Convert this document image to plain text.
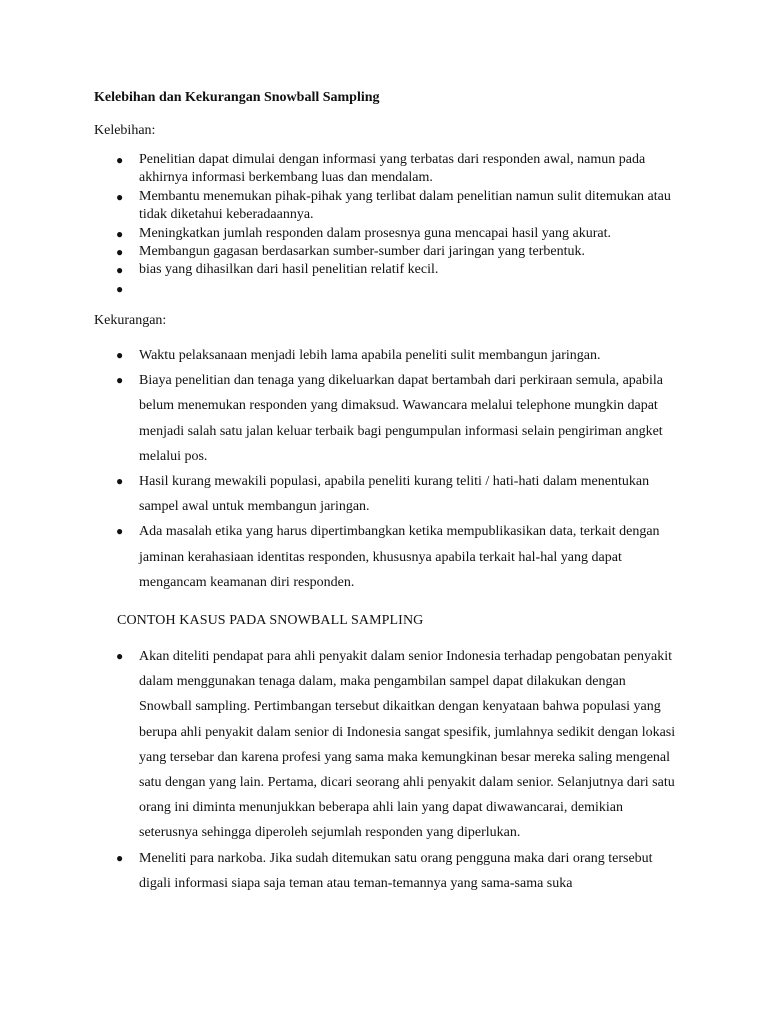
Kelebihan dan Kekurangan Snowball Sampling

Kelebihan:

● Penelitian dapat dimulai dengan informasi yang terbatas dari responden awal, namun pada akhirnya informasi berkembang luas dan mendalam.
● Membantu menemukan pihak-pihak yang terlibat dalam penelitian namun sulit ditemukan atau tidak diketahui keberadaannya.
● Meningkatkan jumlah responden dalam prosesnya guna mencapai hasil yang akurat.
● Membangun gagasan berdasarkan sumber-sumber dari jaringan yang terbentuk.
● bias yang dihasilkan dari hasil penelitian relatif kecil.
●

Kekurangan:

● Waktu pelaksanaan menjadi lebih lama apabila peneliti sulit membangun jaringan.
● Biaya penelitian dan tenaga yang dikeluarkan dapat bertambah dari perkiraan semula, apabila belum menemukan responden yang dimaksud. Wawancara melalui telephone mungkin dapat menjadi salah satu jalan keluar terbaik bagi pengumpulan informasi selain pengiriman angket melalui pos.
● Hasil kurang mewakili populasi, apabila peneliti kurang teliti / hati-hati dalam menentukan sampel awal untuk membangun jaringan.
● Ada masalah etika yang harus dipertimbangkan ketika mempublikasikan data, terkait dengan jaminan kerahasiaan identitas responden, khususnya apabila terkait hal-hal yang dapat mengancam keamanan diri responden.

CONTOH KASUS PADA SNOWBALL SAMPLING

● Akan diteliti pendapat para ahli penyakit dalam senior Indonesia terhadap pengobatan penyakit dalam menggunakan tenaga dalam, maka pengambilan sampel dapat dilakukan dengan Snowball sampling. Pertimbangan tersebut dikaitkan dengan kenyataan bahwa populasi yang berupa ahli penyakit dalam senior di Indonesia sangat spesifik, jumlahnya sedikit dengan lokasi yang tersebar dan karena profesi yang sama maka kemungkinan besar mereka saling mengenal satu dengan yang lain. Pertama, dicari seorang ahli penyakit dalam senior. Selanjutnya dari satu orang ini diminta menunjukkan beberapa ahli lain yang dapat diwawancarai, demikian seterusnya sehingga diperoleh sejumlah responden yang diperlukan.
● Meneliti para narkoba. Jika sudah ditemukan satu orang pengguna maka dari orang tersebut digali informasi siapa saja teman atau teman-temannya yang sama-sama suka
